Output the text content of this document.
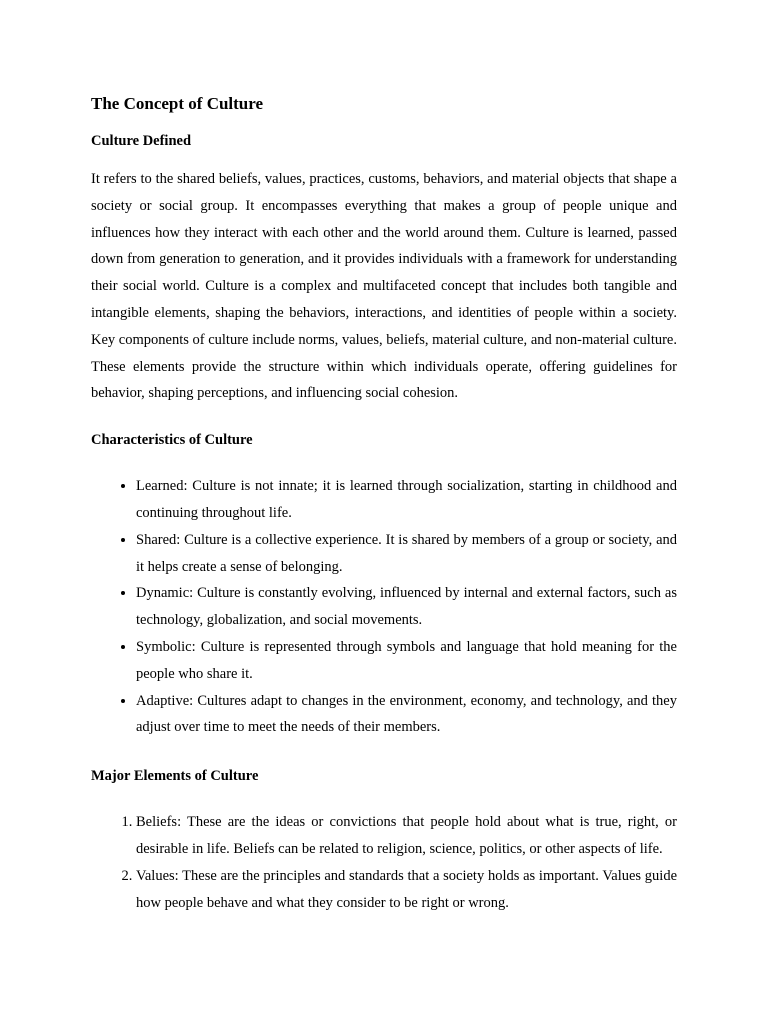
The Concept of Culture
Culture Defined

It refers to the shared beliefs, values, practices, customs, behaviors, and material objects that shape a society or social group. It encompasses everything that makes a group of people unique and influences how they interact with each other and the world around them. Culture is learned, passed down from generation to generation, and it provides individuals with a framework for understanding their social world. Culture is a complex and multifaceted concept that includes both tangible and intangible elements, shaping the behaviors, interactions, and identities of people within a society. Key components of culture include norms, values, beliefs, material culture, and non-material culture. These elements provide the structure within which individuals operate, offering guidelines for behavior, shaping perceptions, and influencing social cohesion.

Characteristics of Culture
• Learned: Culture is not innate; it is learned through socialization, starting in childhood and continuing throughout life.
• Shared: Culture is a collective experience. It is shared by members of a group or society, and it helps create a sense of belonging.
• Dynamic: Culture is constantly evolving, influenced by internal and external factors, such as technology, globalization, and social movements.
• Symbolic: Culture is represented through symbols and language that hold meaning for the people who share it.
• Adaptive: Cultures adapt to changes in the environment, economy, and technology, and they adjust over time to meet the needs of their members.
Major Elements of Culture
1. Beliefs: These are the ideas or convictions that people hold about what is true, right, or desirable in life. Beliefs can be related to religion, science, politics, or other aspects of life.
2. Values: These are the principles and standards that a society holds as important. Values guide how people behave and what they consider to be right or wrong.
